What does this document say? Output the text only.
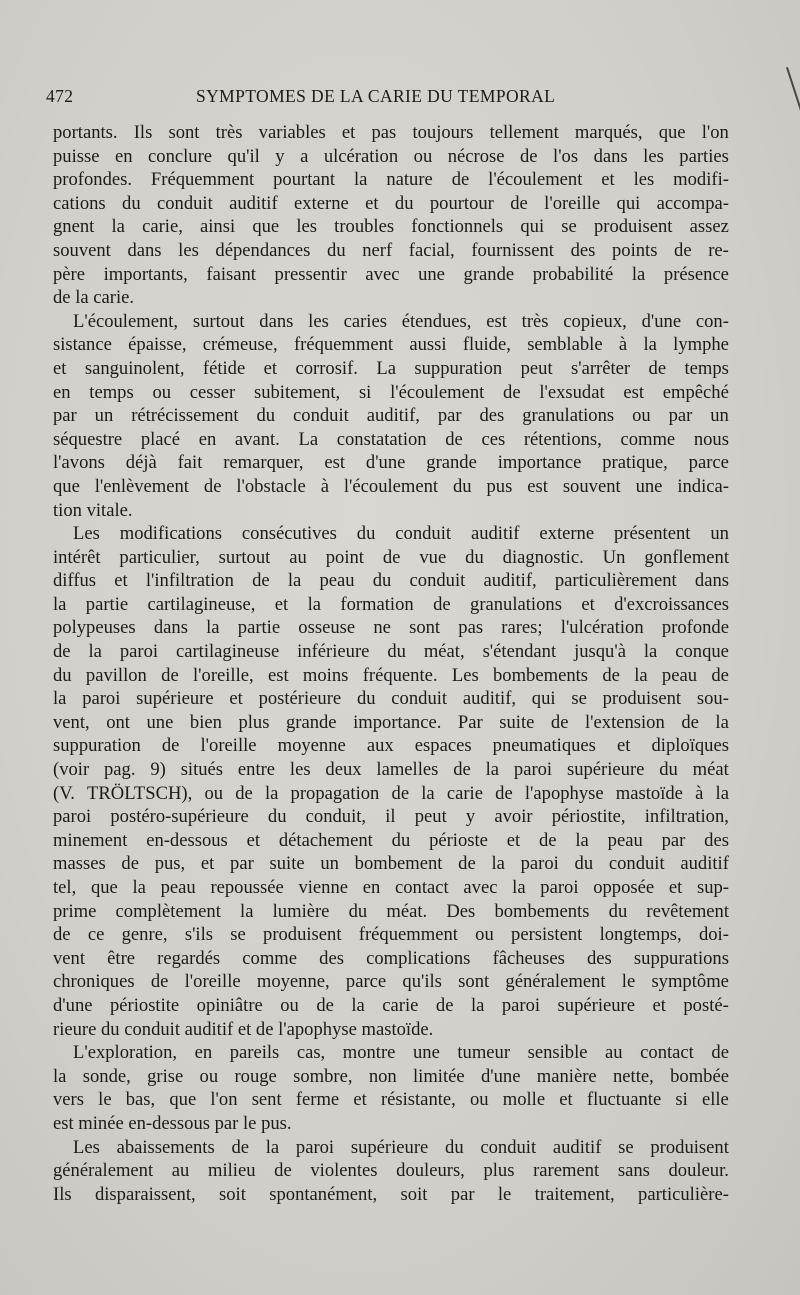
472	SYMPTOMES DE LA CARIE DU TEMPORAL
portants. Ils sont très variables et pas toujours tellement marqués, que l'on
puisse en conclure qu'il y a ulcération ou nécrose de l'os dans les parties
profondes. Fréquemment pourtant la nature de l'écoulement et les modifi-
cations du conduit auditif externe et du pourtour de l'oreille qui accompa-
gnent la carie, ainsi que les troubles fonctionnels qui se produisent assez
souvent dans les dépendances du nerf facial, fournissent des points de re-
père importants, faisant pressentir avec une grande probabilité la présence
de la carie.
L'écoulement, surtout dans les caries étendues, est très copieux, d'une con-
sistance épaisse, crémeuse, fréquemment aussi fluide, semblable à la lymphe
et sanguinolent, fétide et corrosif. La suppuration peut s'arrêter de temps
en temps ou cesser subitement, si l'écoulement de l'exsudat est empêché
par un rétrécissement du conduit auditif, par des granulations ou par un
séquestre placé en avant. La constatation de ces rétentions, comme nous
l'avons déjà fait remarquer, est d'une grande importance pratique, parce
que l'enlèvement de l'obstacle à l'écoulement du pus est souvent une indica-
tion vitale.
Les modifications consécutives du conduit auditif externe présentent un
intérêt particulier, surtout au point de vue du diagnostic. Un gonflement
diffus et l'infiltration de la peau du conduit auditif, particulièrement dans
la partie cartilagineuse, et la formation de granulations et d'excroissances
polypeuses dans la partie osseuse ne sont pas rares; l'ulcération profonde
de la paroi cartilagineuse inférieure du méat, s'étendant jusqu'à la conque
du pavillon de l'oreille, est moins fréquente. Les bombements de la peau de
la paroi supérieure et postérieure du conduit auditif, qui se produisent sou-
vent, ont une bien plus grande importance. Par suite de l'extension de la
suppuration de l'oreille moyenne aux espaces pneumatiques et diploïques
(voir pag. 9) situés entre les deux lamelles de la paroi supérieure du méat
(V. TRÖLTSCH), ou de la propagation de la carie de l'apophyse mastoïde à la
paroi postéro-supérieure du conduit, il peut y avoir périostite, infiltration,
minement en-dessous et détachement du périoste et de la peau par des
masses de pus, et par suite un bombement de la paroi du conduit auditif
tel, que la peau repoussée vienne en contact avec la paroi opposée et sup-
prime complètement la lumière du méat. Des bombements du revêtement
de ce genre, s'ils se produisent fréquemment ou persistent longtemps, doi-
vent être regardés comme des complications fâcheuses des suppurations
chroniques de l'oreille moyenne, parce qu'ils sont généralement le symptôme
d'une périostite opiniâtre ou de la carie de la paroi supérieure et posté-
rieure du conduit auditif et de l'apophyse mastoïde.
L'exploration, en pareils cas, montre une tumeur sensible au contact de
la sonde, grise ou rouge sombre, non limitée d'une manière nette, bombée
vers le bas, que l'on sent ferme et résistante, ou molle et fluctuante si elle
est minée en-dessous par le pus.
Les abaissements de la paroi supérieure du conduit auditif se produisent
généralement au milieu de violentes douleurs, plus rarement sans douleur.
Ils disparaissent, soit spontanément, soit par le traitement, particulière-
